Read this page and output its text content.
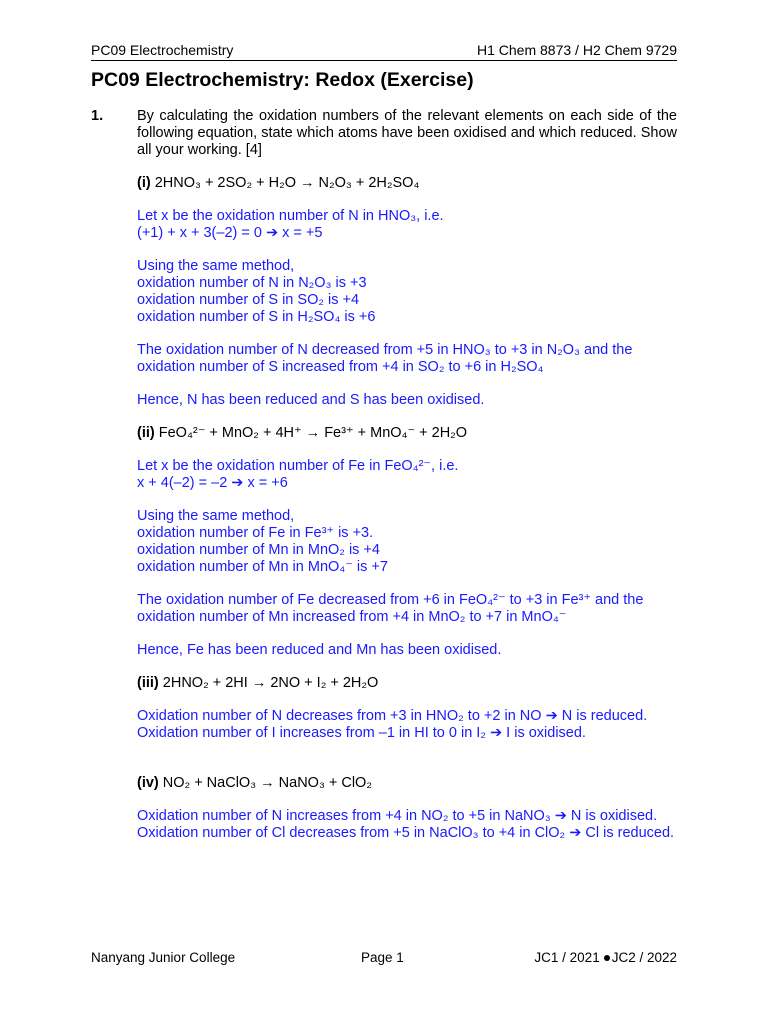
PC09 Electrochemistry	H1 Chem 8873 / H2 Chem 9729
PC09 Electrochemistry: Redox (Exercise)
1. By calculating the oxidation numbers of the relevant elements on each side of the following equation, state which atoms have been oxidised and which reduced. Show all your working. [4]

(i) 2HNO₃ + 2SO₂ + H₂O → N₂O₃ + 2H₂SO₄

Let x be the oxidation number of N in HNO₃, i.e.

(+1) + x + 3(–2) = 0 ➔ x = +5

Using the same method,

oxidation number of N in N₂O₃ is +3

oxidation number of S in SO₂ is +4

oxidation number of S in H₂SO₄ is +6

The oxidation number of N decreased from +5 in HNO₃ to +3 in N₂O₃ and the oxidation number of S increased from +4 in SO₂ to +6 in H₂SO₄

Hence, N has been reduced and S has been oxidised.

(ii) FeO₄²⁻ + MnO₂ + 4H⁺ → Fe³⁺ + MnO₄⁻ + 2H₂O

Let x be the oxidation number of Fe in FeO₄²⁻, i.e.

x + 4(–2) = –2 ➔ x = +6

Using the same method,

oxidation number of Fe in Fe³⁺ is +3.

oxidation number of Mn in MnO₂ is +4

oxidation number of Mn in MnO₄⁻ is +7

The oxidation number of Fe decreased from +6 in FeO₄²⁻ to +3 in Fe³⁺ and the oxidation number of Mn increased from +4 in MnO₂ to +7 in MnO₄⁻

Hence, Fe has been reduced and Mn has been oxidised.

(iii) 2HNO₂ + 2HI → 2NO + I₂ + 2H₂O

Oxidation number of N decreases from +3 in HNO₂ to +2 in NO ➔ N is reduced.

Oxidation number of I increases from –1 in HI to 0 in I₂ ➔ I is oxidised.

(iv) NO₂ + NaClO₃ → NaNO₃ + ClO₂

Oxidation number of N increases from +4 in NO₂ to +5 in NaNO₃ ➔ N is oxidised.

Oxidation number of Cl decreases from +5 in NaClO₃ to +4 in ClO₂ ➔ Cl is reduced.

Nanyang Junior College	Page 1	JC1 / 2021 JC2 / 2022
